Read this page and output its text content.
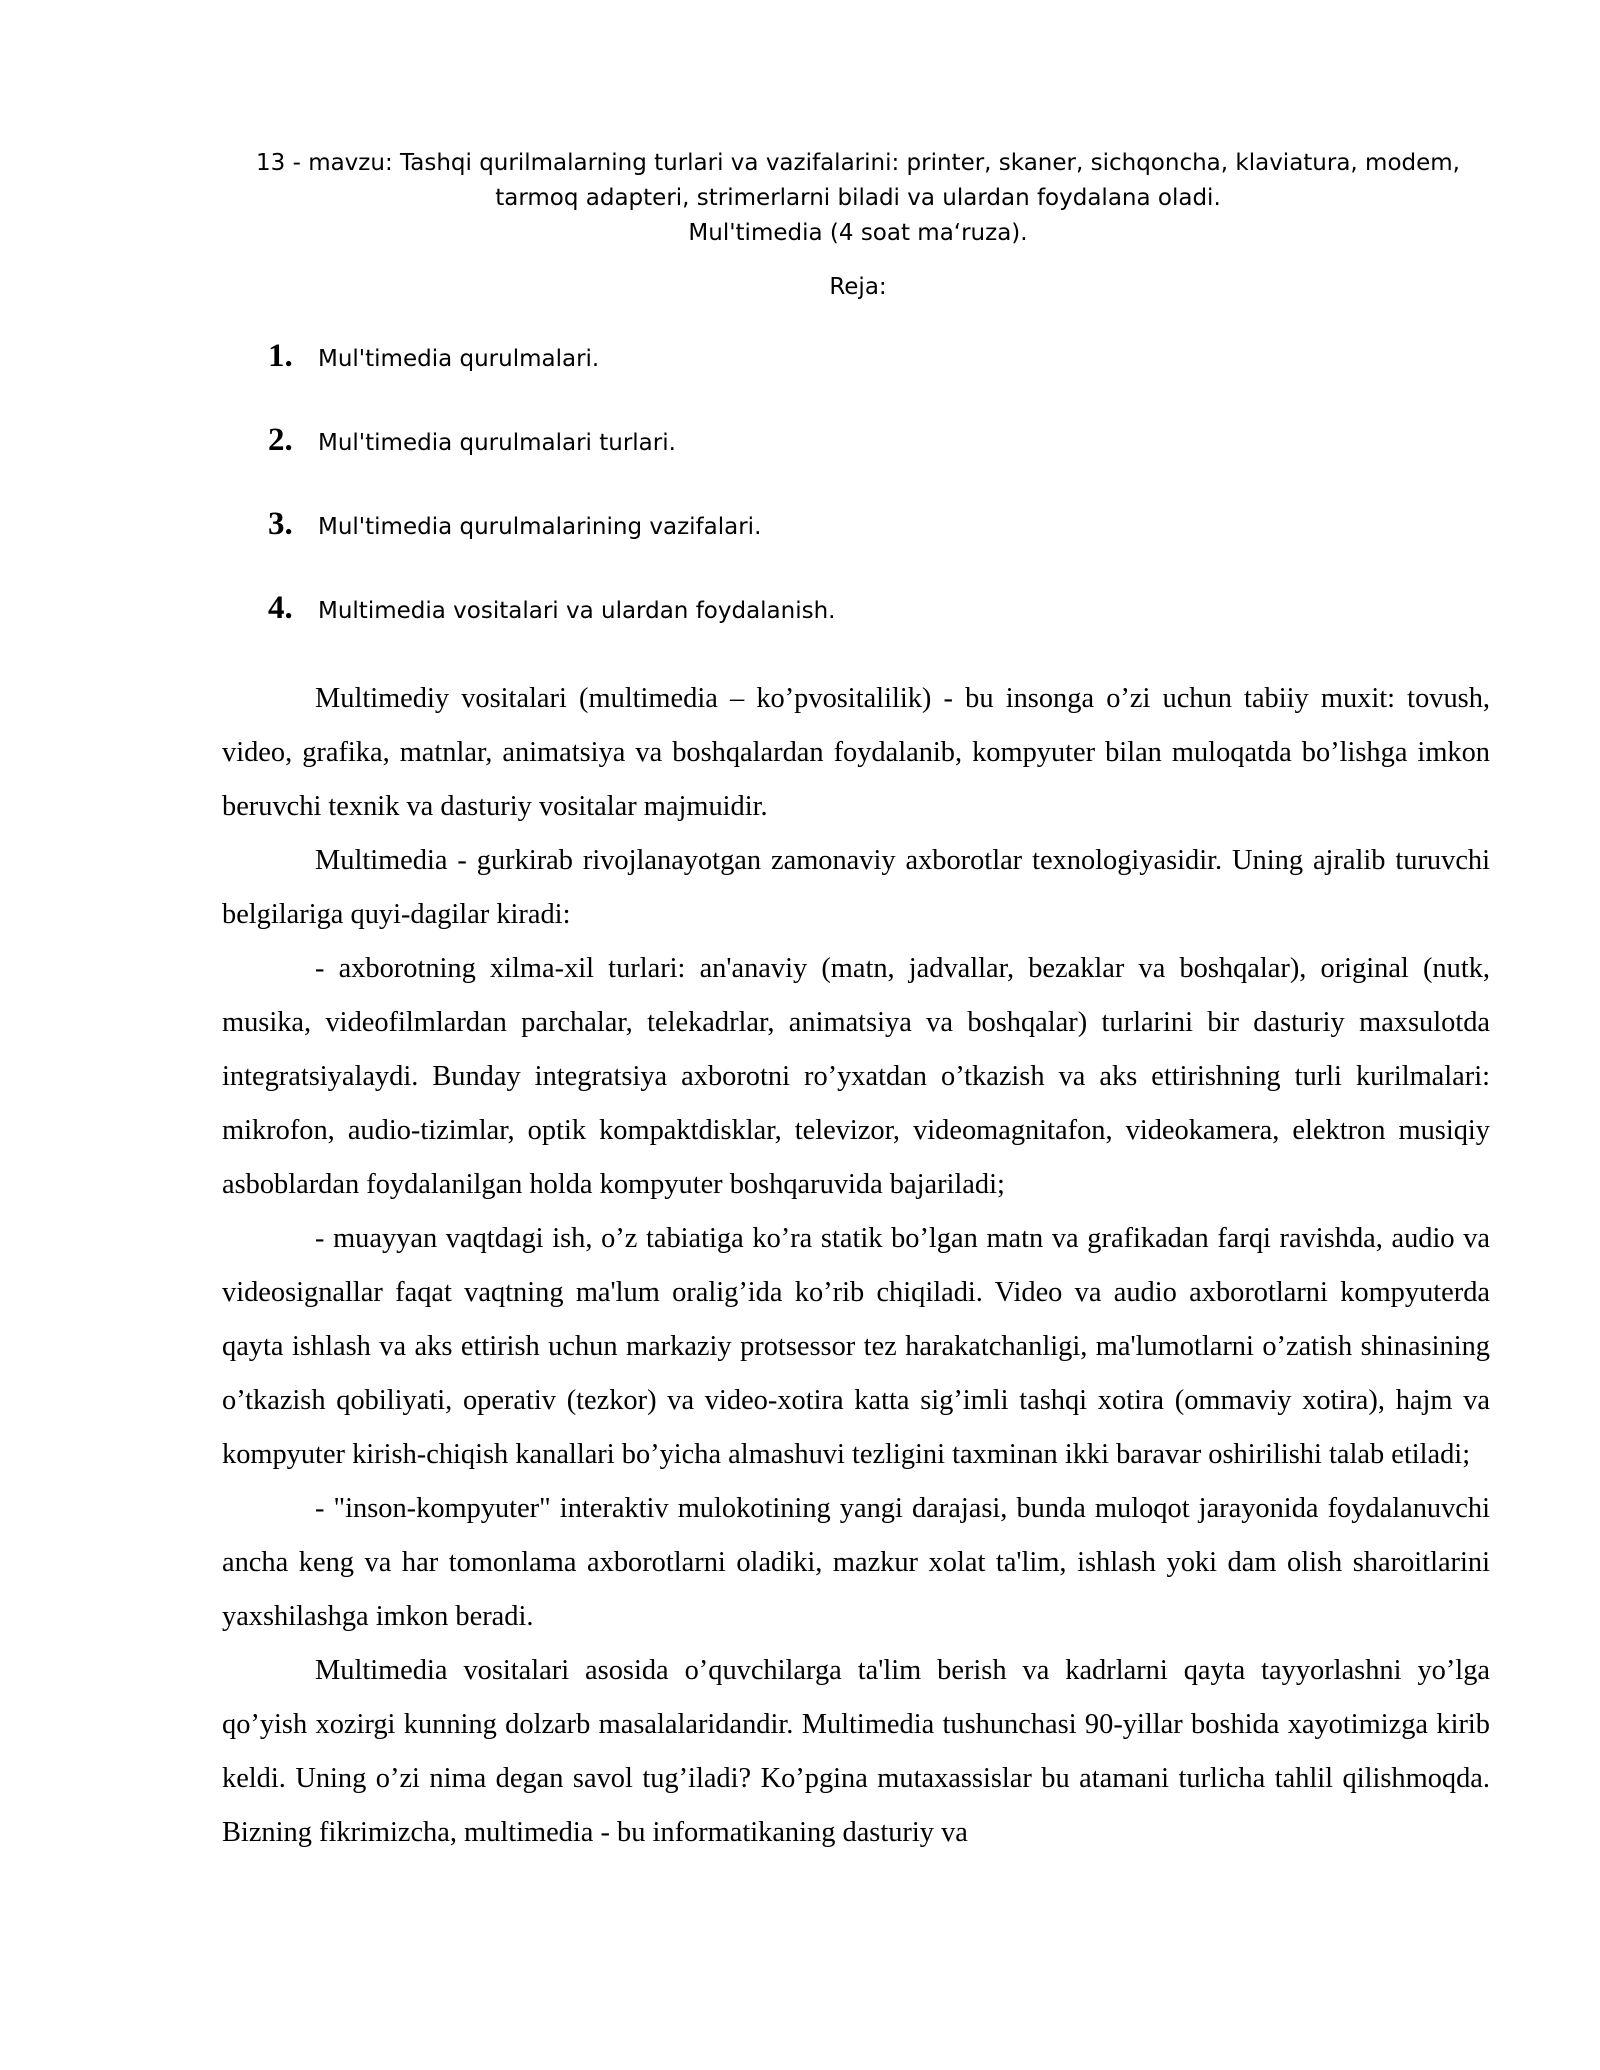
13 - mavzu: Tashqi qurilmalarning turlari va vazifalarini: printer, skaner, sichqoncha, klaviatura, modem,
tarmoq adapteri, strimerlarni biladi va ulardan foydalana oladi.
Mul'timedia (4 soat ma‘ruza).
Reja:
1.	Mul'timedia qurulmalari.
2.	Mul'timedia qurulmalari turlari.
3.	Mul'timedia qurulmalarining vazifalari.
4.	Multimedia vositalari va ulardan foydalanish.

Multimediy vositalari (multimedia – ko’pvositalilik) - bu insonga o’zi uchun tabiiy muxit: tovush, video, grafika, matnlar, animatsiya va boshqalardan foydalanib, kompyuter bilan muloqatda bo’lishga imkon beruvchi texnik va dasturiy vositalar majmuidir.

Multimedia - gurkirab rivojlanayotgan zamonaviy axborotlar texnologiyasidir. Uning ajralib turuvchi belgilariga quyi-dagilar kiradi:

- axborotning xilma-xil turlari: an'anaviy (matn, jadvallar, bezaklar va boshqalar), original (nutk, musika, videofilmlardan parchalar, telekadrlar, animatsiya va boshqalar) turlarini bir dasturiy maxsulotda integratsiyalaydi. Bunday integratsiya axborotni ro’yxatdan o’tkazish va aks ettirishning turli kurilmalari: mikrofon, audio-tizimlar, optik kompaktdisklar, televizor, videomagnitafon, videokamera, elektron musiqiy asboblardan foydalanilgan holda kompyuter boshqaruvida bajariladi;

- muayyan vaqtdagi ish, o’z tabiatiga ko’ra statik bo’lgan matn va grafikadan farqi ravishda, audio va videosignallar faqat vaqtning ma'lum oralig’ida ko’rib chiqiladi. Video va audio axborotlarni kompyuterda qayta ishlash va aks ettirish uchun markaziy protsessor tez harakatchanligi, ma'lumotlarni o’zatish shinasining o’tkazish qobiliyati, operativ (tezkor) va video-xotira katta sig’imli tashqi xotira (ommaviy xotira), hajm va kompyuter kirish-chiqish kanallari bo’yicha almashuvi tezligini taxminan ikki baravar oshirilishi talab etiladi;

- "inson-kompyuter" interaktiv mulokotining yangi darajasi, bunda muloqot jarayonida foydalanuvchi ancha keng va har tomonlama axborotlarni oladiki, mazkur xolat ta'lim, ishlash yoki dam olish sharoitlarini yaxshilashga imkon beradi.

Multimedia vositalari asosida o’quvchilarga ta'lim berish va kadrlarni qayta tayyorlashni yo’lga qo’yish xozirgi kunning dolzarb masalalaridandir. Multimedia tushunchasi 90-yillar boshida xayotimizga kirib keldi. Uning o’zi nima degan savol tug’iladi? Ko’pgina mutaxassislar bu atamani turlicha tahlil qilishmoqda. Bizning fikrimizcha, multimedia - bu informatikaning dasturiy va
